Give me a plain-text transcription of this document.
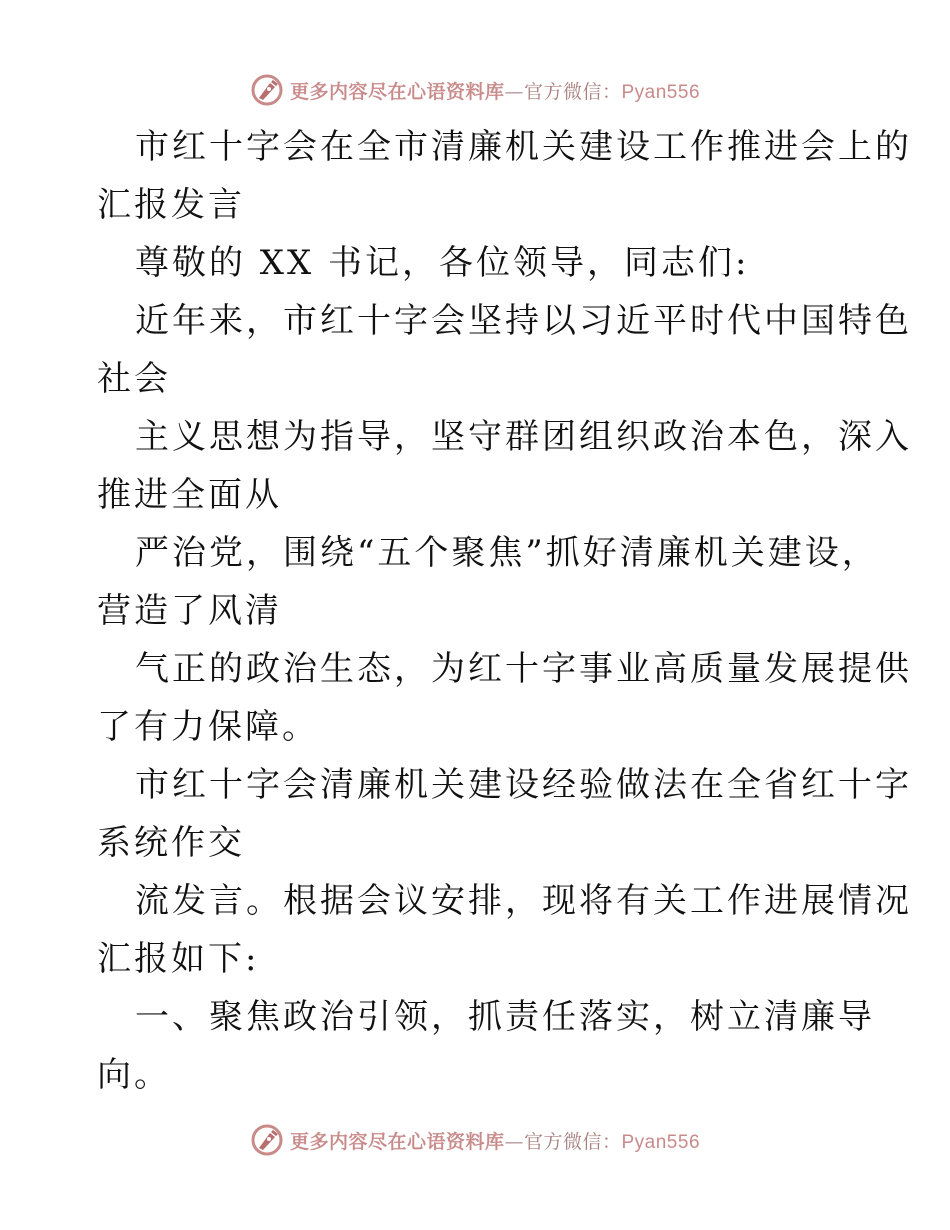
更多内容尽在心语资料库—官方微信：Pyan556
市红十字会在全市清廉机关建设工作推进会上的
汇报发言
尊敬的 XX 书记，各位领导，同志们:
近年来，市红十字会坚持以习近平时代中国特色
社会
主义思想为指导，坚守群团组织政治本色，深入
推进全面从
严治党，围绕“五个聚焦”抓好清廉机关建设，
营造了风清
气正的政治生态，为红十字事业高质量发展提供
了有力保障。
市红十字会清廉机关建设经验做法在全省红十字
系统作交
流发言。根据会议安排，现将有关工作进展情况
汇报如下:
一、聚焦政治引领，抓责任落实，树立清廉导
向。
更多内容尽在心语资料库—官方微信：Pyan556
